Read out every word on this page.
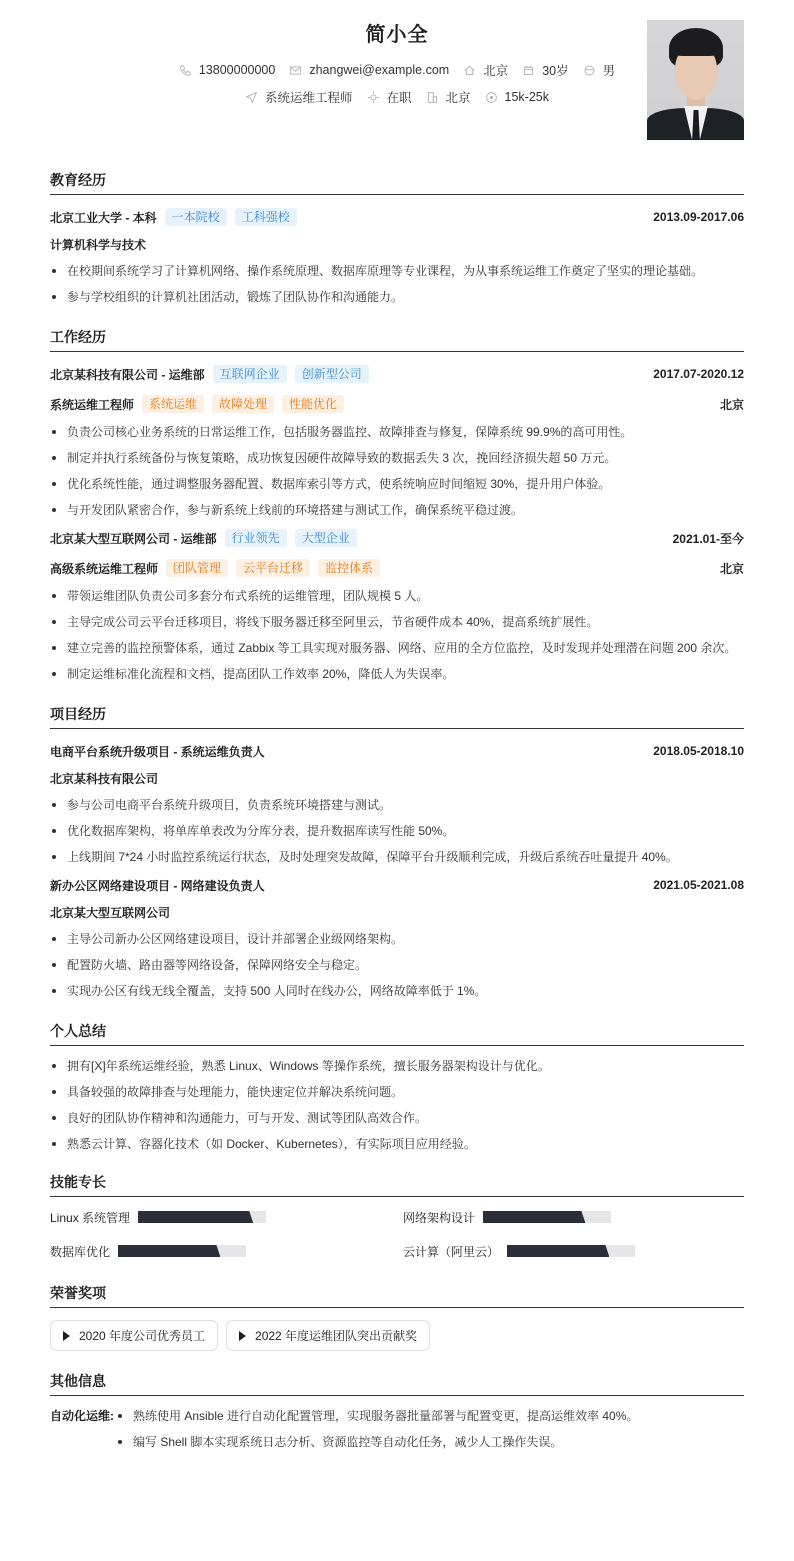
简小全
13800000000	zhangwei@example.com	北京	30岁	男
系统运维工程师	在职	北京	15k-25k
教育经历
北京工业大学 - 本科	一本院校	工科强校	2013.09-2017.06
计算机科学与技术
在校期间系统学习了计算机网络、操作系统原理、数据库原理等专业课程，为从事系统运维工作奠定了坚实的理论基础。
参与学校组织的计算机社团活动，锻炼了团队协作和沟通能力。
工作经历
北京某科技有限公司 - 运维部	互联网企业	创新型公司	2017.07-2020.12
系统运维工程师	系统运维	故障处理	性能优化	北京
负责公司核心业务系统的日常运维工作，包括服务器监控、故障排查与修复，保障系统 99.9%的高可用性。
制定并执行系统备份与恢复策略，成功恢复因硬件故障导致的数据丢失 3 次，挽回经济损失超 50 万元。
优化系统性能，通过调整服务器配置、数据库索引等方式，使系统响应时间缩短 30%，提升用户体验。
与开发团队紧密合作，参与新系统上线前的环境搭建与测试工作，确保系统平稳过渡。
北京某大型互联网公司 - 运维部	行业领先	大型企业	2021.01-至今
高级系统运维工程师	团队管理	云平台迁移	监控体系	北京
带领运维团队负责公司多套分布式系统的运维管理，团队规模 5 人。
主导完成公司云平台迁移项目，将线下服务器迁移至阿里云，节省硬件成本 40%，提高系统扩展性。
建立完善的监控预警体系，通过 Zabbix 等工具实现对服务器、网络、应用的全方位监控，及时发现并处理潜在问题 200 余次。
制定运维标准化流程和文档，提高团队工作效率 20%，降低人为失误率。
项目经历
电商平台系统升级项目 - 系统运维负责人	2018.05-2018.10
北京某科技有限公司
参与公司电商平台系统升级项目，负责系统环境搭建与测试。
优化数据库架构，将单库单表改为分库分表，提升数据库读写性能 50%。
上线期间 7*24 小时监控系统运行状态，及时处理突发故障，保障平台升级顺利完成，升级后系统吞吐量提升 40%。
新办公区网络建设项目 - 网络建设负责人	2021.05-2021.08
北京某大型互联网公司
主导公司新办公区网络建设项目，设计并部署企业级网络架构。
配置防火墙、路由器等网络设备，保障网络安全与稳定。
实现办公区有线无线全覆盖，支持 500 人同时在线办公，网络故障率低于 1%。
个人总结
拥有[X]年系统运维经验，熟悉 Linux、Windows 等操作系统，擅长服务器架构设计与优化。
具备较强的故障排查与处理能力，能快速定位并解决系统问题。
良好的团队协作精神和沟通能力，可与开发、测试等团队高效合作。
熟悉云计算、容器化技术（如 Docker、Kubernetes），有实际项目应用经验。
技能专长
Linux 系统管理	网络架构设计
数据库优化	云计算（阿里云）
荣誉奖项
2020 年度公司优秀员工	2022 年度运维团队突出贡献奖
其他信息
自动化运维:	熟练使用 Ansible 进行自动化配置管理，实现服务器批量部署与配置变更，提高运维效率 40%。
编写 Shell 脚本实现系统日志分析、资源监控等自动化任务，减少人工操作失误。
